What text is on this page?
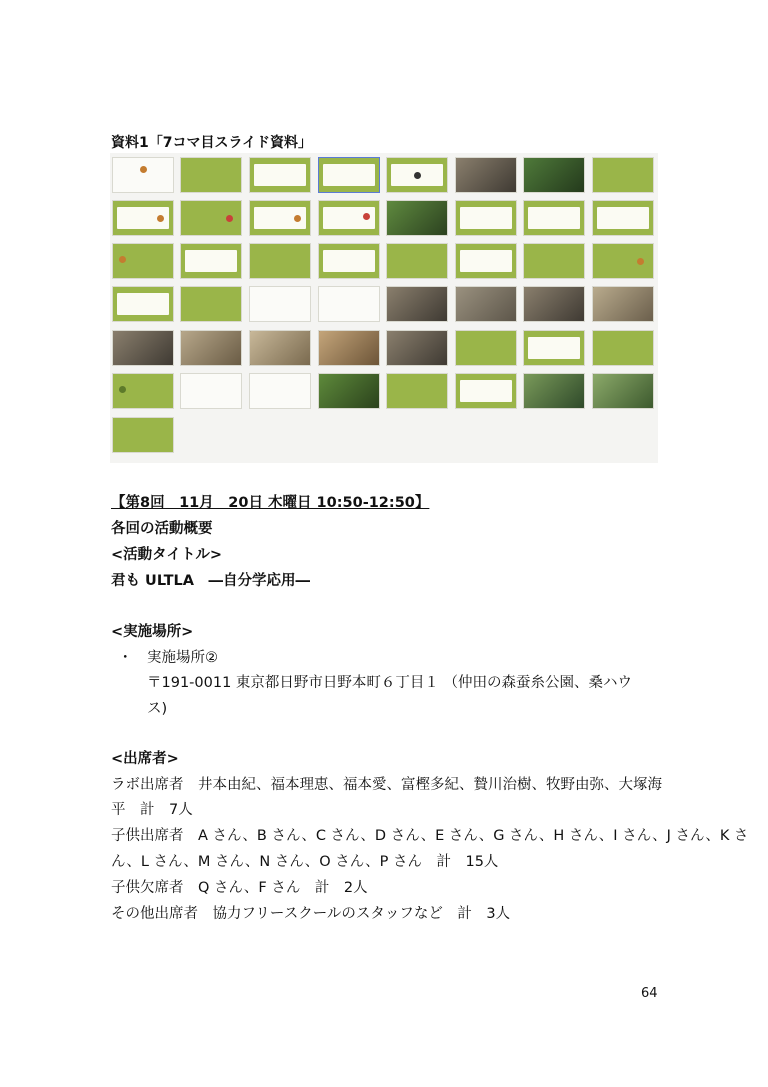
資料1「7コマ目スライド資料」
【第8回　11月　20日 木曜日 10:50-12:50】
各回の活動概要
<活動タイトル>
君も ULTLA　―自分学応用―
<実施場所>
・ 実施場所②
〒191-0011 東京都日野市日野本町６丁目１ （仲田の森蚕糸公園、桑ハウ
ス)
<出席者>
ラボ出席者　井本由紀、福本理恵、福本愛、富樫多紀、贄川治樹、牧野由弥、大塚海
平　計　7人
子供出席者　A さん、B さん、C さん、D さん、E さん、G さん、H さん、I さん、J さん、K さ
ん、L さん、M さん、N さん、O さん、P さん　計　15人
子供欠席者　Q さん、F さん　計　2人
その他出席者　協力フリースクールのスタッフなど　計　3人
64
